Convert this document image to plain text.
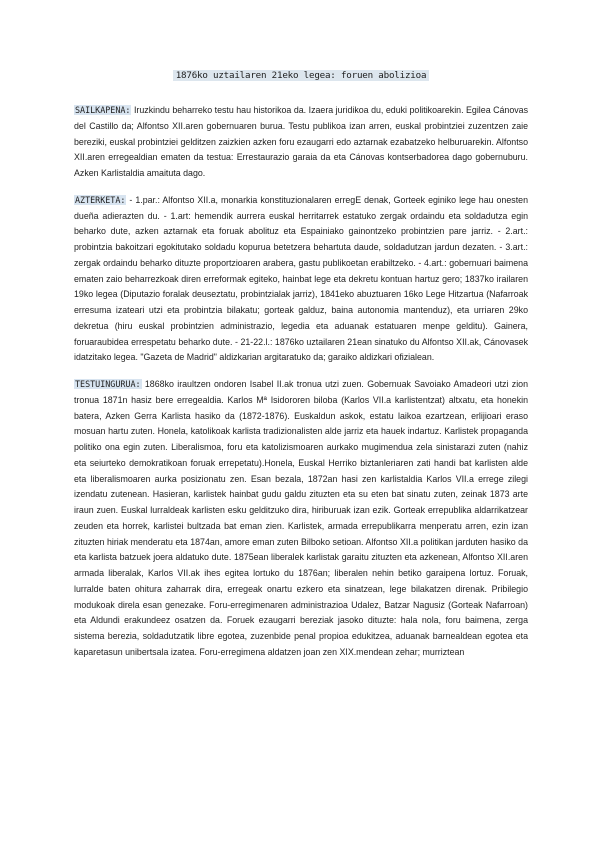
1876ko uztailaren 21eko legea: foruen abolizioa

SAILKAPENA: Iruzkindu beharreko testu hau historikoa da. Izaera juridikoa du, eduki politikoarekin. Egilea Cánovas del Castillo da; Alfontso XII.aren gobernuaren burua. Testu publikoa izan arren, euskal probintziei zuzentzen zaie bereziki, euskal probintziei gelditzen zaizkien azken foru ezaugarri edo aztarnak ezabatzeko helburuarekin. Alfontso XII.aren erregealdian ematen da testua: Errestaurazio garaia da eta Cánovas kontserbadorea dago gobernuburu. Azken Karlistaldia amaituta dago.

AZTERKETA: - 1.par.: Alfontso XII.a, monarkia konstituzionalaren erregE denak, Gorteek eginiko lege hau onesten dueña adierazten du. - 1.art: hemendik aurrera euskal herritarrek estatuko zergak ordaindu eta soldadutza egin beharko dute, azken aztarnak eta foruak abolituz eta Espainiako gainontzeko probintzien pare jarriz. - 2.art.: probintzia bakoitzari egokitutako soldadu kopurua betetzera behartuta daude, soldadutzan jardun dezaten. - 3.art.: zergak ordaindu beharko dituzte proportzioaren arabera, gastu publikoetan erabiltzeko. - 4.art.: gobernuari baimena ematen zaio beharrezkoak diren erreformak egiteko, hainbat lege eta dekretu kontuan hartuz gero; 1837ko irailaren 19ko legea (Diputazio foralak deuseztatu, probintzialak jarriz), 1841eko abuztuaren 16ko Lege Hitzartua (Nafarroak erresuma izateari utzi eta probintzia bilakatu; gorteak galduz, baina autonomia mantenduz), eta urriaren 29ko dekretua (hiru euskal probintzien administrazio, legedia eta aduanak estatuaren menpe gelditu). Gainera, foruaraubidea errespetatu beharko dute. - 21-22.l.: 1876ko uztailaren 21ean sinatuko du Alfontso XII.ak, Cánovasek idatzitako legea. "Gazeta de Madrid" aldizkarian argitaratuko da; garaiko aldizkari ofizialean.

TESTUINGURUA: 1868ko iraultzen ondoren Isabel II.ak tronua utzi zuen. Gobernuak Savoiako Amadeori utzi zion tronua 1871n hasiz bere erregealdia. Karlos Mª Isidororen biloba (Karlos VII.a karlistentzat) altxatu, eta honekin batera, Azken Gerra Karlista hasiko da (1872-1876). Euskaldun askok, estatu laikoa ezartzean, erlijioari eraso mosuan hartu zuten. Honela, katolikoak karlista tradizionalisten alde jarriz eta hauek indartuz. Karlistek propaganda politiko ona egin zuten. Liberalismoa, foru eta katolizismoaren aurkako mugimendua zela sinistarazi zuten (nahiz eta seiurteko demokratikoan foruak errepetatu).Honela, Euskal Herriko biztanleriaren zati handi bat karlisten alde eta liberalismoaren aurka posizionatu zen. Esan bezala, 1872an hasi zen karlistaldia Karlos VII.a errege zilegi izendatu zutenean. Hasieran, karlistek hainbat gudu galdu zituzten eta su eten bat sinatu zuten, zeinak 1873 arte iraun zuen. Euskal lurraldeak karlisten esku gelditzuko dira, hiriburuak izan ezik. Gorteak errepublika aldarrikatzear zeuden eta horrek, karlistei bultzada bat eman zien. Karlistek, armada errepublikarra menperatu arren, ezin izan zituzten hiriak menderatu eta 1874an, amore eman zuten Bilboko setioan. Alfontso XII.a politikan jarduten hasiko da eta karlista batzuek joera aldatuko dute. 1875ean liberalek karlistak garaitu zituzten eta azkenean, Alfontso XII.aren armada liberalak, Karlos VII.ak ihes egitea lortuko du 1876an; liberalen nehin betiko garaipena lortuz. Foruak, lurralde baten ohitura zaharrak dira, erregeak onartu ezkero eta sinatzean, lege bilakatzen direnak. Pribilegio modukoak direla esan genezake. Foru-erregimenaren administrazioa Udalez, Batzar Nagusiz (Gorteak Nafarroan) eta Aldundi erakundeez osatzen da. Foruek ezaugarri bereziak jasoko dituzte: hala nola, foru baimena, zerga sistema berezia, soldadutzatik libre egotea, zuzenbide penal propioa edukitzea, aduanak barnealdean egotea eta kaparetasun unibertsala izatea. Foru-erregimena aldatzen joan zen XIX.mendean zehar; murriztean
